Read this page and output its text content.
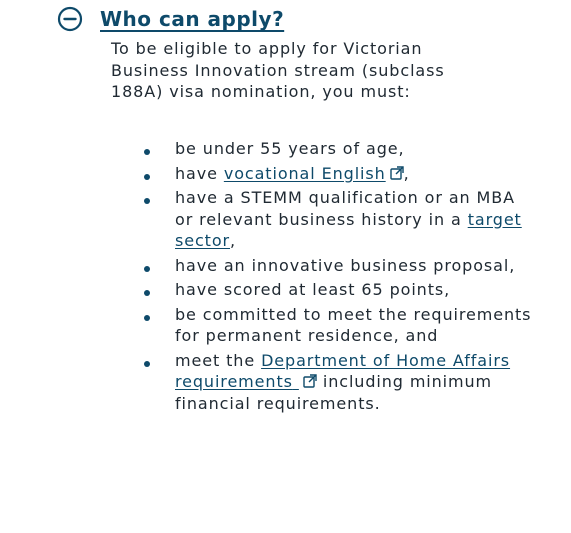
Who can apply?

To be eligible to apply for Victorian Business Innovation stream (subclass 188A) visa nomination, you must:

be under 55 years of age,
have vocational English ,
have a STEMM qualification or an MBA or relevant business history in a target sector,
have an innovative business proposal,
have scored at least 65 points,
be committed to meet the requirements for permanent residence, and
meet the Department of Home Affairs requirements
including minimum financial requirements.
